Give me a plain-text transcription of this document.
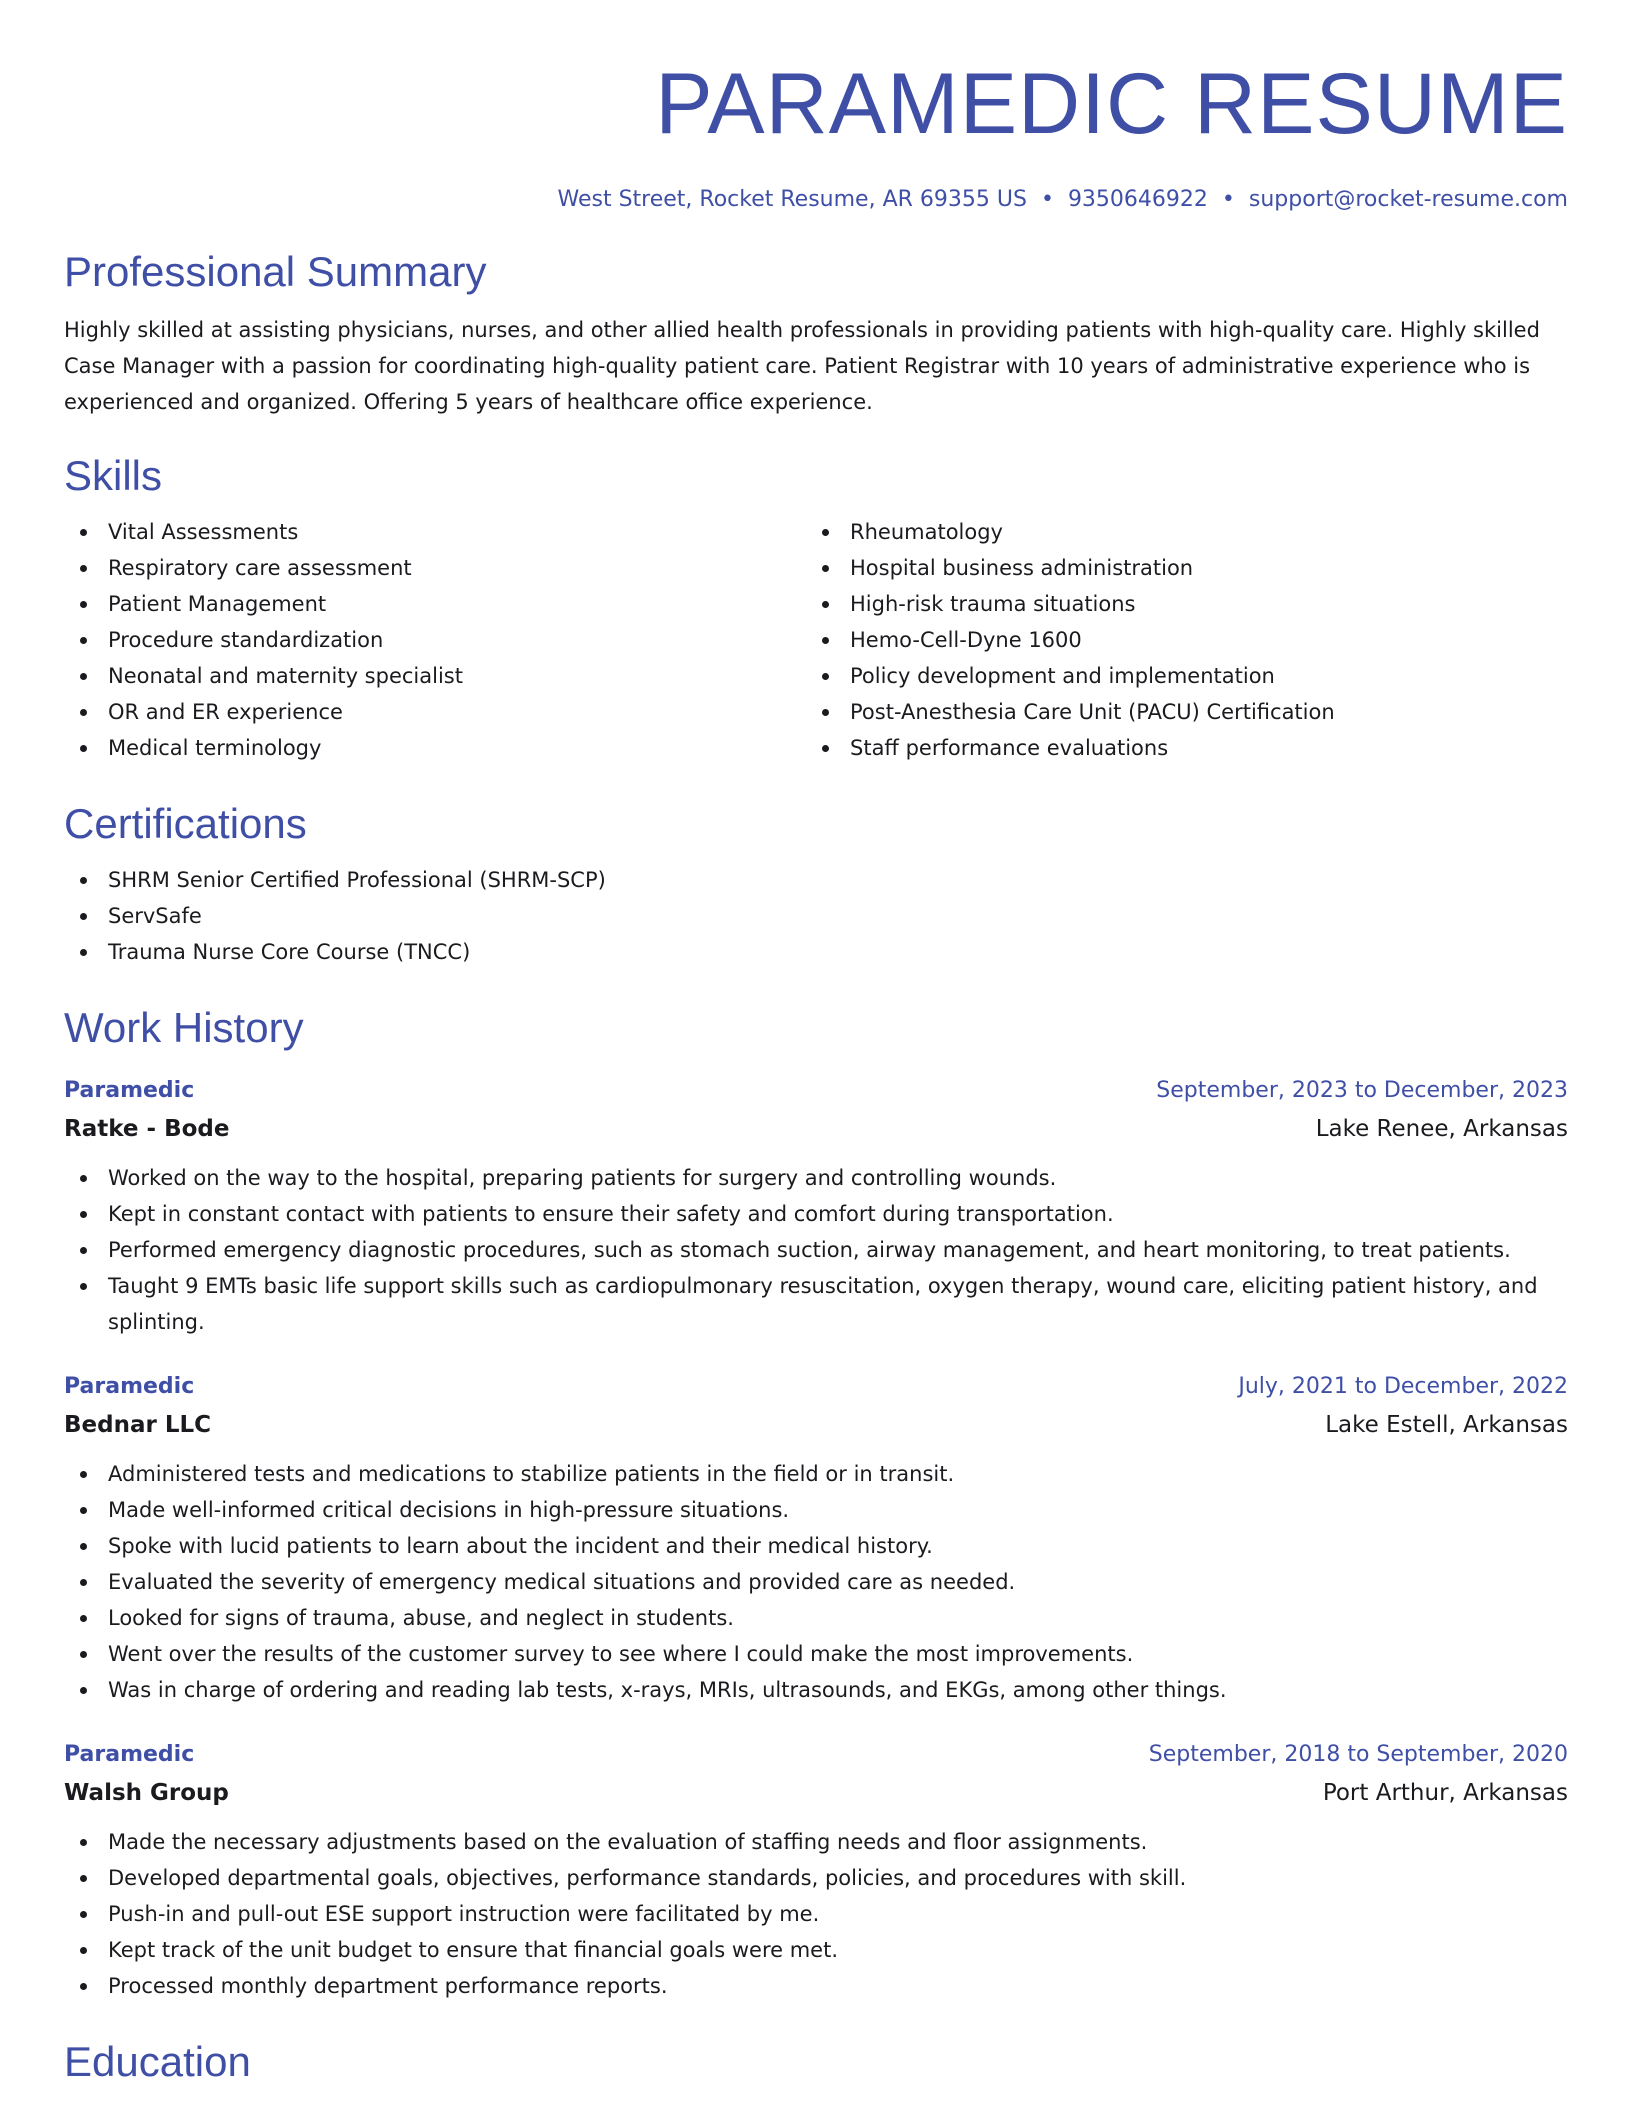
PARAMEDIC RESUME
West Street, Rocket Resume, AR 69355 US • 9350646922 • support@rocket-resume.com
Professional Summary

Highly skilled at assisting physicians, nurses, and other allied health professionals in providing patients with high-quality care. Highly skilled Case Manager with a passion for coordinating high-quality patient care. Patient Registrar with 10 years of administrative experience who is experienced and organized. Offering 5 years of healthcare office experience.

Skills
Vital Assessments
Respiratory care assessment
Patient Management
Procedure standardization
Neonatal and maternity specialist
OR and ER experience
Medical terminology
Rheumatology
Hospital business administration
High-risk trauma situations
Hemo-Cell-Dyne 1600
Policy development and implementation
Post-Anesthesia Care Unit (PACU) Certification
Staff performance evaluations
Certifications
SHRM Senior Certified Professional (SHRM-SCP)
ServSafe
Trauma Nurse Core Course (TNCC)
Work History
Paramedic	September, 2023 to December, 2023
Ratke - Bode	Lake Renee, Arkansas
Worked on the way to the hospital, preparing patients for surgery and controlling wounds.
Kept in constant contact with patients to ensure their safety and comfort during transportation.
Performed emergency diagnostic procedures, such as stomach suction, airway management, and heart monitoring, to treat patients.
Taught 9 EMTs basic life support skills such as cardiopulmonary resuscitation, oxygen therapy, wound care, eliciting patient history, and splinting.
Paramedic	July, 2021 to December, 2022
Bednar LLC	Lake Estell, Arkansas
Administered tests and medications to stabilize patients in the field or in transit.
Made well-informed critical decisions in high-pressure situations.
Spoke with lucid patients to learn about the incident and their medical history.
Evaluated the severity of emergency medical situations and provided care as needed.
Looked for signs of trauma, abuse, and neglect in students.
Went over the results of the customer survey to see where I could make the most improvements.
Was in charge of ordering and reading lab tests, x-rays, MRIs, ultrasounds, and EKGs, among other things.
Paramedic	September, 2018 to September, 2020
Walsh Group	Port Arthur, Arkansas
Made the necessary adjustments based on the evaluation of staffing needs and floor assignments.
Developed departmental goals, objectives, performance standards, policies, and procedures with skill.
Push-in and pull-out ESE support instruction were facilitated by me.
Kept track of the unit budget to ensure that financial goals were met.
Processed monthly department performance reports.
Education
